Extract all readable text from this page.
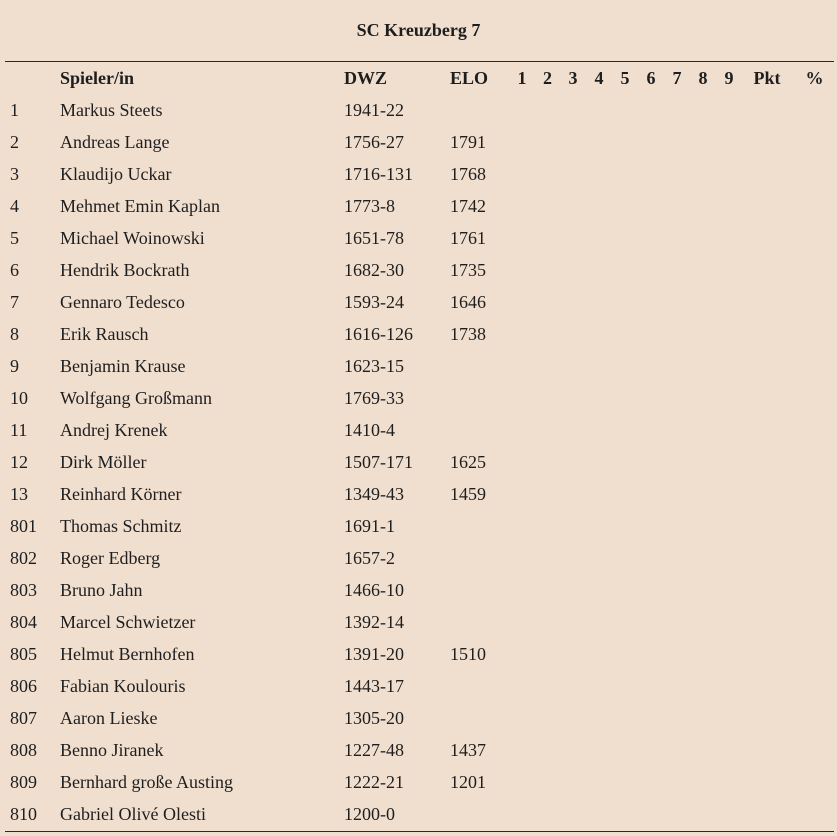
SC Kreuzberg 7
	Spieler/in	DWZ	ELO	1	2	3	4	5	6	7	8	9	Pkt	%
1	Markus Steets	1941-22												
2	Andreas Lange	1756-27	1791											
3	Klaudijo Uckar	1716-131	1768											
4	Mehmet Emin Kaplan	1773-8	1742											
5	Michael Woinowski	1651-78	1761											
6	Hendrik Bockrath	1682-30	1735											
7	Gennaro Tedesco	1593-24	1646											
8	Erik Rausch	1616-126	1738											
9	Benjamin Krause	1623-15												
10	Wolfgang Großmann	1769-33												
11	Andrej Krenek	1410-4												
12	Dirk Möller	1507-171	1625											
13	Reinhard Körner	1349-43	1459											
801	Thomas Schmitz	1691-1												
802	Roger Edberg	1657-2												
803	Bruno Jahn	1466-10												
804	Marcel Schwietzer	1392-14												
805	Helmut Bernhofen	1391-20	1510											
806	Fabian Koulouris	1443-17												
807	Aaron Lieske	1305-20												
808	Benno Jiranek	1227-48	1437											
809	Bernhard große Austing	1222-21	1201											
810	Gabriel Olivé Olesti	1200-0												
